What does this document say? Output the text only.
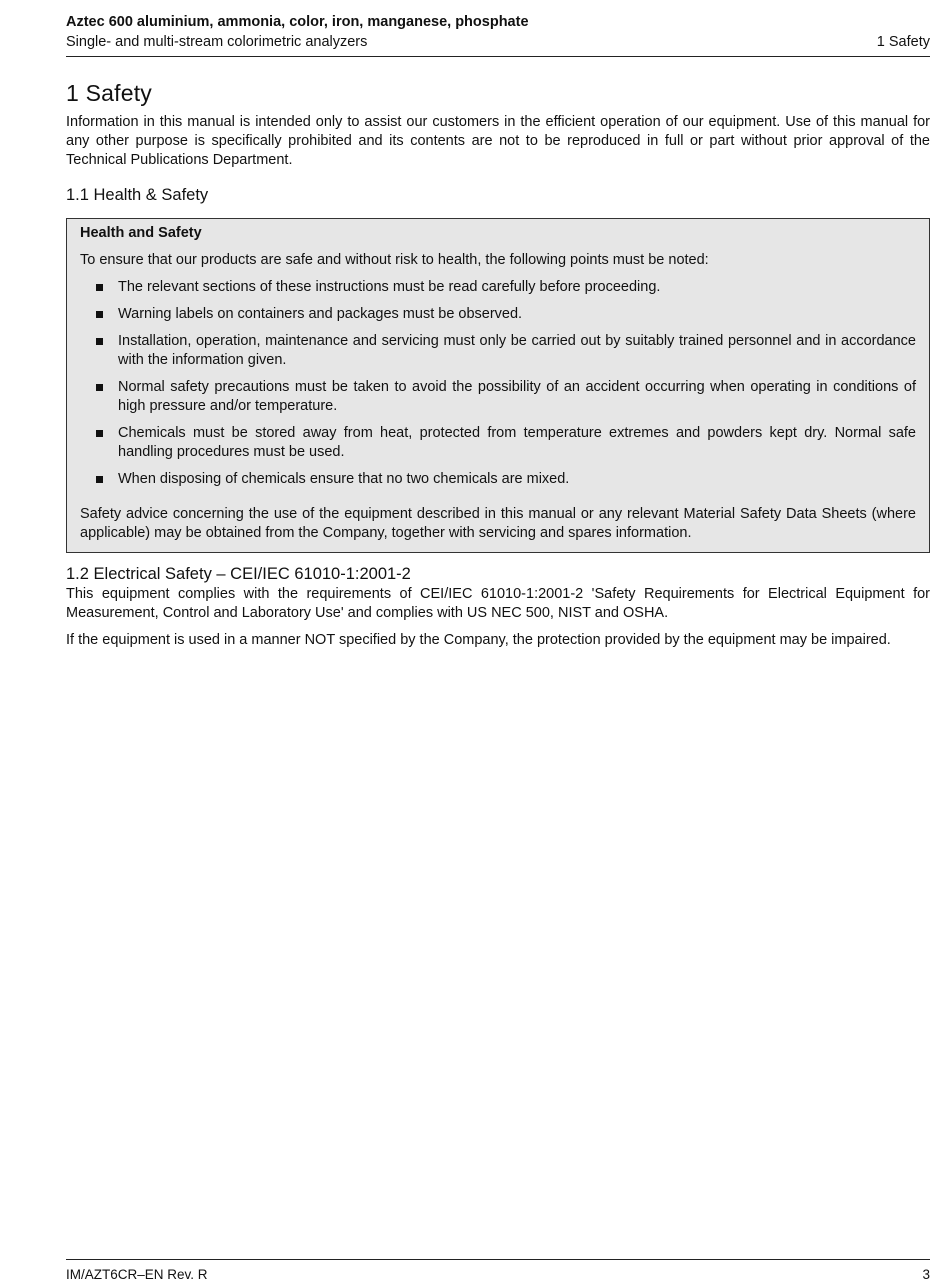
Aztec 600 aluminium, ammonia, color, iron, manganese, phosphate
Single- and multi-stream colorimetric analyzers	1 Safety
1 Safety

Information in this manual is intended only to assist our customers in the efficient operation of our equipment. Use of this manual for any other purpose is specifically prohibited and its contents are not to be reproduced in full or part without prior approval of the Technical Publications Department.

1.1 Health & Safety
Health and Safety

To ensure that our products are safe and without risk to health, the following points must be noted:

The relevant sections of these instructions must be read carefully before proceeding.
Warning labels on containers and packages must be observed.
Installation, operation, maintenance and servicing must only be carried out by suitably trained personnel and in accordance with the information given.
Normal safety precautions must be taken to avoid the possibility of an accident occurring when operating in conditions of high pressure and/or temperature.
Chemicals must be stored away from heat, protected from temperature extremes and powders kept dry. Normal safe handling procedures must be used.
When disposing of chemicals ensure that no two chemicals are mixed.

Safety advice concerning the use of the equipment described in this manual or any relevant Material Safety Data Sheets (where applicable) may be obtained from the Company, together with servicing and spares information.

1.2 Electrical Safety – CEI/IEC 61010-1:2001-2

This equipment complies with the requirements of CEI/IEC 61010-1:2001-2 'Safety Requirements for Electrical Equipment for Measurement, Control and Laboratory Use' and complies with US NEC 500, NIST and OSHA.

If the equipment is used in a manner NOT specified by the Company, the protection provided by the equipment may be impaired.

IM/AZT6CR–EN Rev. R	3
